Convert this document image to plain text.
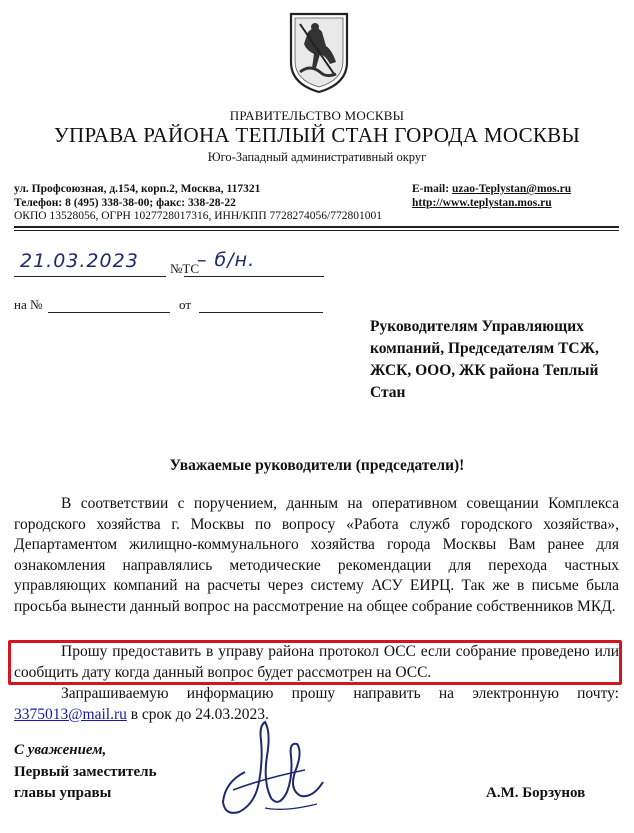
ПРАВИТЕЛЬСТВО МОСКВЫ
УПРАВА РАЙОНА ТЕПЛЫЙ СТАН ГОРОДА МОСКВЫ
Юго-Западный административный округ
ул. Профсоюзная, д.154, корп.2, Москва, 117321
Телефон: 8 (495) 338-38-00; факс: 338-28-22
E-mail: uzao-Teplystan@mos.ru
http://www.teplystan.mos.ru
ОКПО 13528056, ОГРН 1027728017316, ИНН/КПП 7728274056/772801001
21.03.2023 №ТС
– б/н.
на №	от
Руководителям Управляющих компаний, Председателям ТСЖ, ЖСК, ООО, ЖК района Теплый Стан
Уважаемые руководители (председатели)!
В соответствии с поручением, данным на оперативном совещании Комплекса городского хозяйства г. Москвы по вопросу «Работа служб городского хозяйства», Департаментом жилищно-коммунального хозяйства города Москвы Вам ранее для ознакомления направлялись методические рекомендации для перехода частных управляющих компаний на расчеты через систему АСУ ЕИРЦ. Так же в письме была просьба вынести данный вопрос на рассмотрение на общее собрание собственников МКД.
Прошу предоставить в управу района протокол ОСС если собрание проведено или сообщить дату когда данный вопрос будет рассмотрен на ОСС.
Запрашиваемую информацию прошу направить на электронную почту: 3375013@mail.ru в срок до 24.03.2023.
С уважением,
Первый заместитель
главы управы	А.М. Борзунов
